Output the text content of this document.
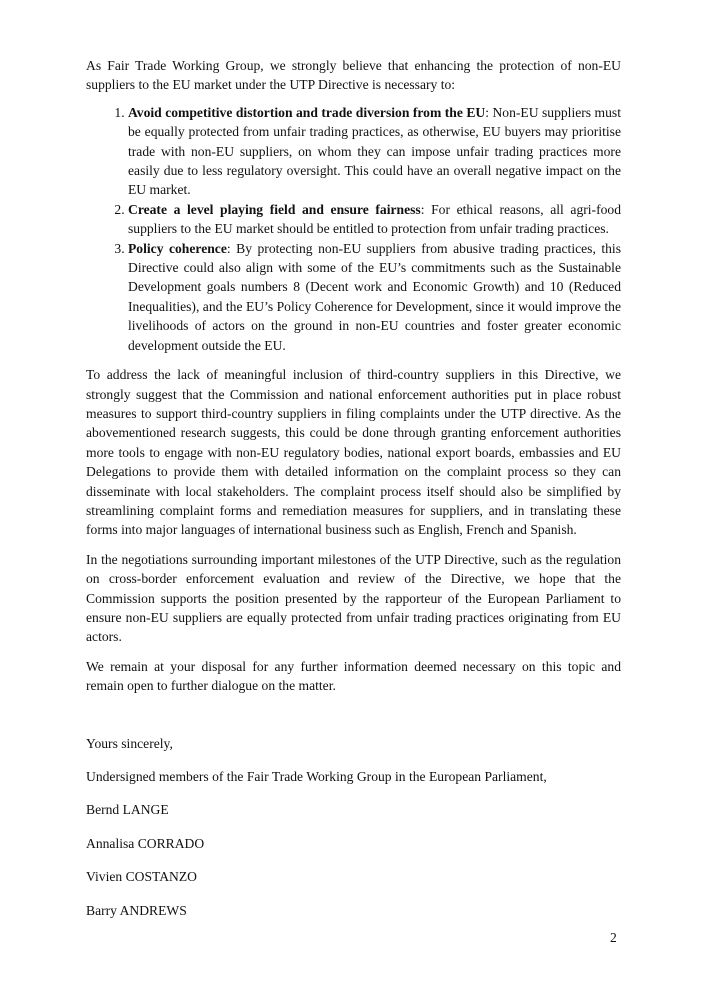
As Fair Trade Working Group, we strongly believe that enhancing the protection of non-EU suppliers to the EU market under the UTP Directive is necessary to:

1. Avoid competitive distortion and trade diversion from the EU: Non-EU suppliers must be equally protected from unfair trading practices, as otherwise, EU buyers may prioritise trade with non-EU suppliers, on whom they can impose unfair trading practices more easily due to less regulatory oversight. This could have an overall negative impact on the EU market.
2. Create a level playing field and ensure fairness: For ethical reasons, all agri-food suppliers to the EU market should be entitled to protection from unfair trading practices.
3. Policy coherence: By protecting non-EU suppliers from abusive trading practices, this Directive could also align with some of the EU’s commitments such as the Sustainable Development goals numbers 8 (Decent work and Economic Growth) and 10 (Reduced Inequalities), and the EU’s Policy Coherence for Development, since it would improve the livelihoods of actors on the ground in non-EU countries and foster greater economic development outside the EU.

To address the lack of meaningful inclusion of third-country suppliers in this Directive, we strongly suggest that the Commission and national enforcement authorities put in place robust measures to support third-country suppliers in filing complaints under the UTP directive. As the abovementioned research suggests, this could be done through granting enforcement authorities more tools to engage with non-EU regulatory bodies, national export boards, embassies and EU Delegations to provide them with detailed information on the complaint process so they can disseminate with local stakeholders. The complaint process itself should also be simplified by streamlining complaint forms and remediation measures for suppliers, and in translating these forms into major languages of international business such as English, French and Spanish.

In the negotiations surrounding important milestones of the UTP Directive, such as the regulation on cross-border enforcement evaluation and review of the Directive, we hope that the Commission supports the position presented by the rapporteur of the European Parliament to ensure non-EU suppliers are equally protected from unfair trading practices originating from EU actors.

We remain at your disposal for any further information deemed necessary on this topic and remain open to further dialogue on the matter.

Yours sincerely,

Undersigned members of the Fair Trade Working Group in the European Parliament,

Bernd LANGE

Annalisa CORRADO

Vivien COSTANZO

Barry ANDREWS

2
